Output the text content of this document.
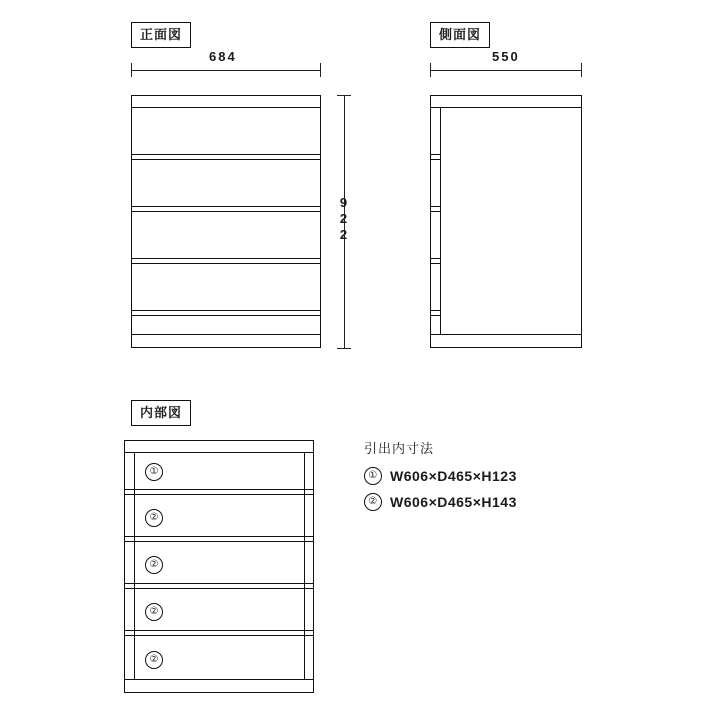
正面図
684
922
側面図
550
内部図
①
②
②
②
②
引出内寸法
① W606×D465×H123
② W606×D465×H143
